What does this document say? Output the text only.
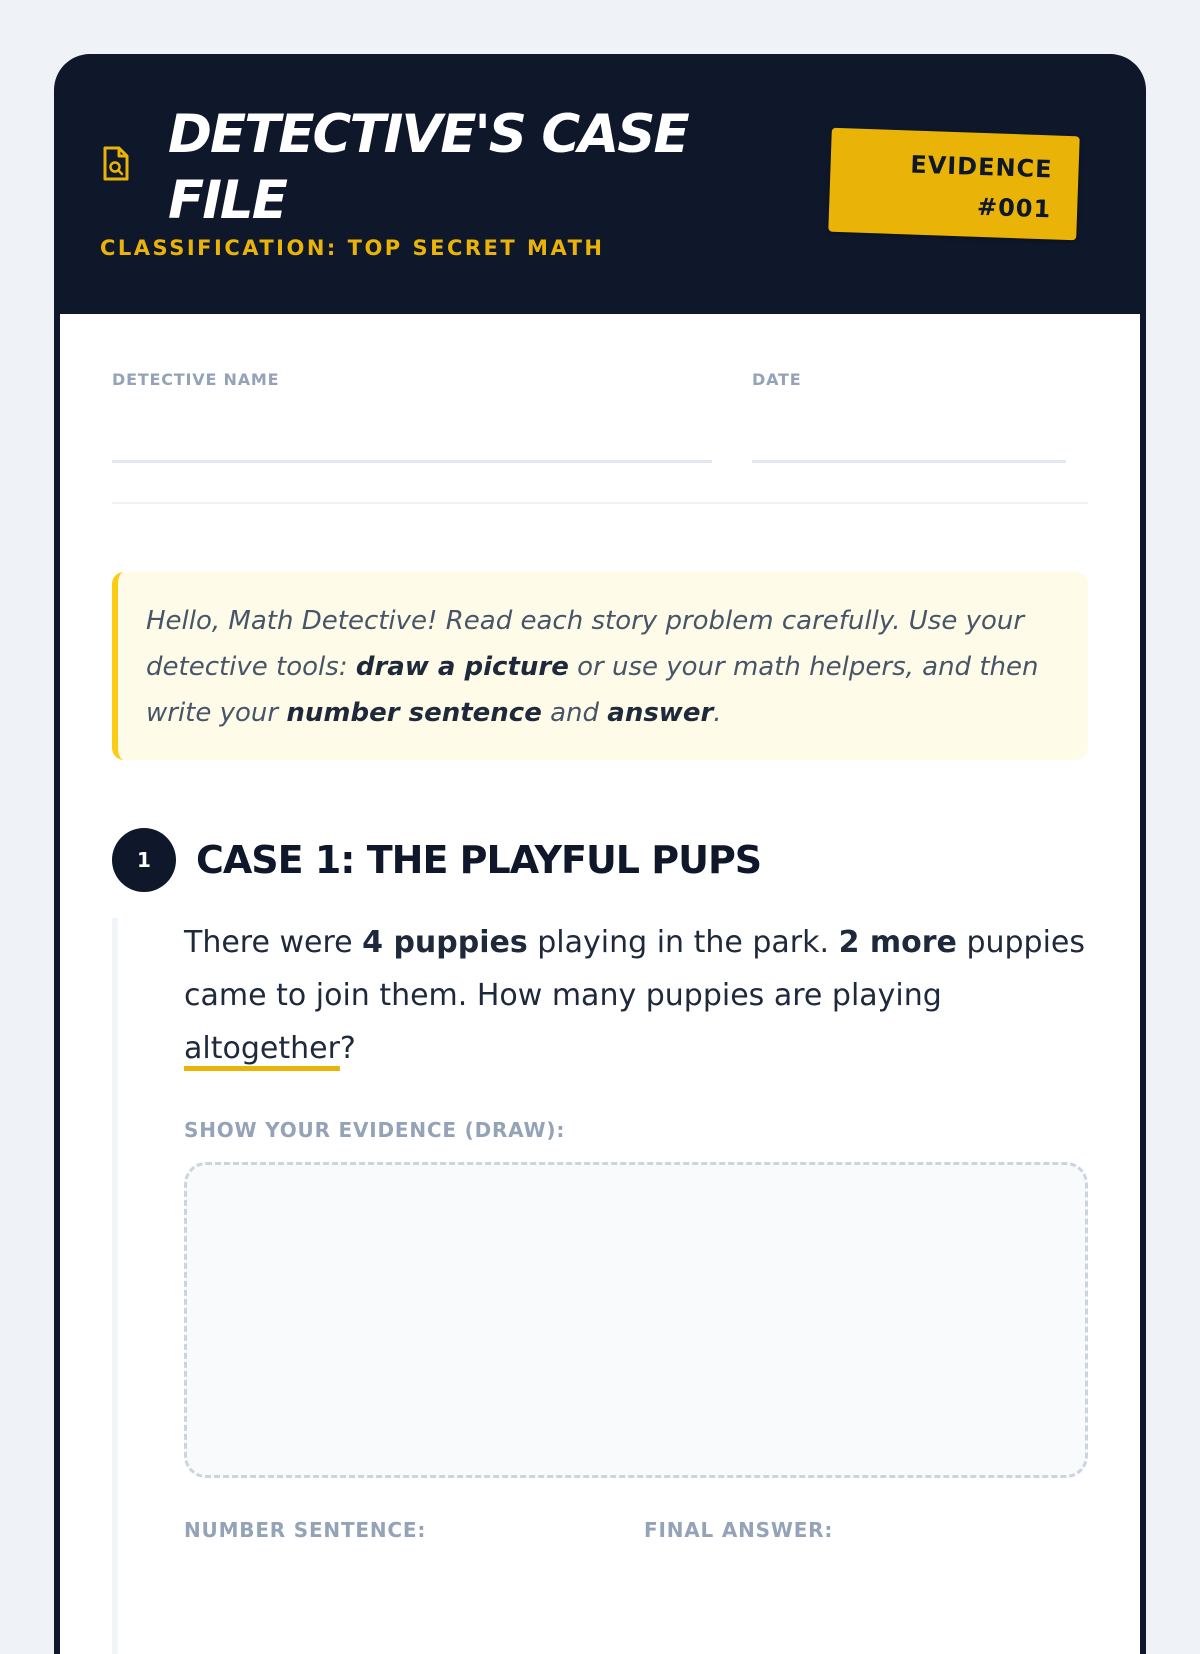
DETECTIVE'S CASE FILE
CLASSIFICATION: TOP SECRET MATH
EVIDENCE
#001
DETECTIVE NAME	DATE
Hello, Math Detective! Read each story problem carefully. Use your detective tools: draw a picture or use your math helpers, and then write your number sentence and answer.
1	CASE 1: THE PLAYFUL PUPS

There were 4 puppies playing in the park. 2 more puppies came to join them. How many puppies are playing altogether?

SHOW YOUR EVIDENCE (DRAW):
NUMBER SENTENCE:	FINAL ANSWER:
